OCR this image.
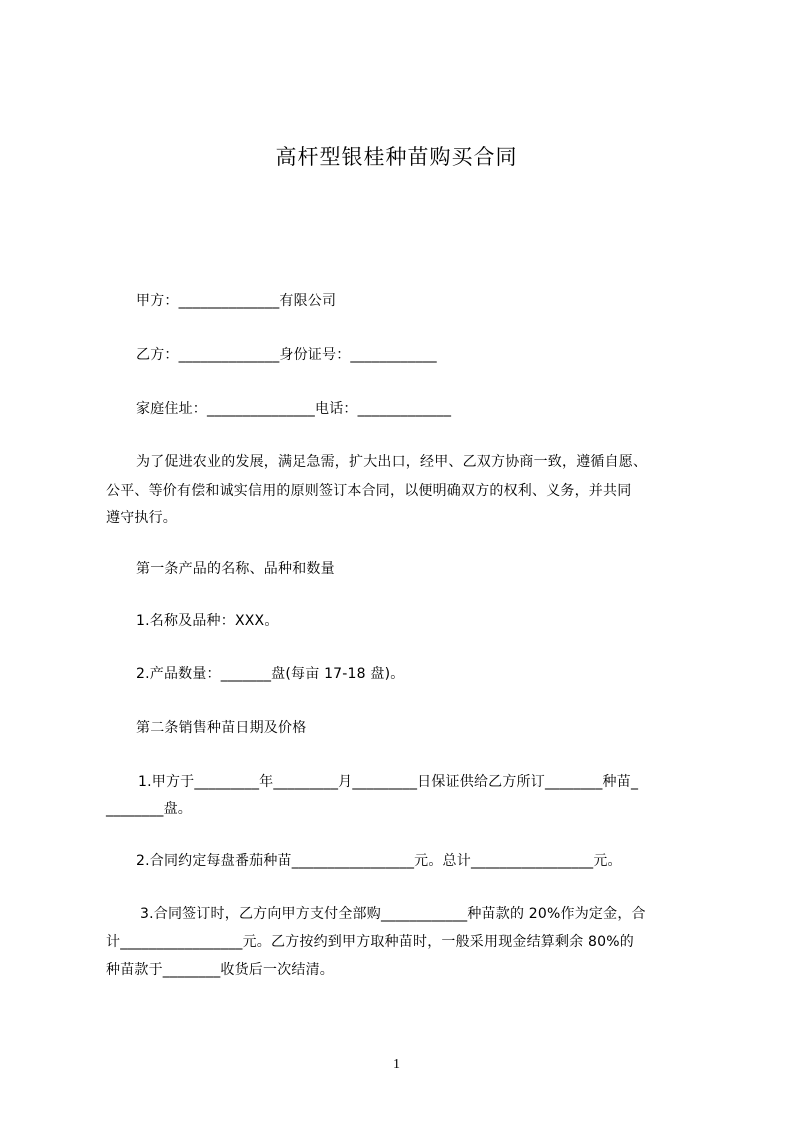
高杆型银桂种苗购买合同
甲方：______________有限公司
乙方：______________身份证号：____________
家庭住址：_______________电话：_____________
为了促进农业的发展，满足急需，扩大出口，经甲、乙双方协商一致，遵循自愿、
公平、等价有偿和诚实信用的原则签订本合同，以便明确双方的权利、义务，并共同
遵守执行。
第一条产品的名称、品种和数量
1.名称及品种：XXX。
2.产品数量：_______盘(每亩 17-18 盘)。
第二条销售种苗日期及价格
1.甲方于_________年_________月_________日保证供给乙方所订________种苗_
________盘。
2.合同约定每盘番茄种苗_________________元。总计_________________元。
3.合同签订时，乙方向甲方支付全部购____________种苗款的 20%作为定金，合
计_________________元。乙方按约到甲方取种苗时，一般采用现金结算剩余 80%的
种苗款于________收货后一次结清。
1
